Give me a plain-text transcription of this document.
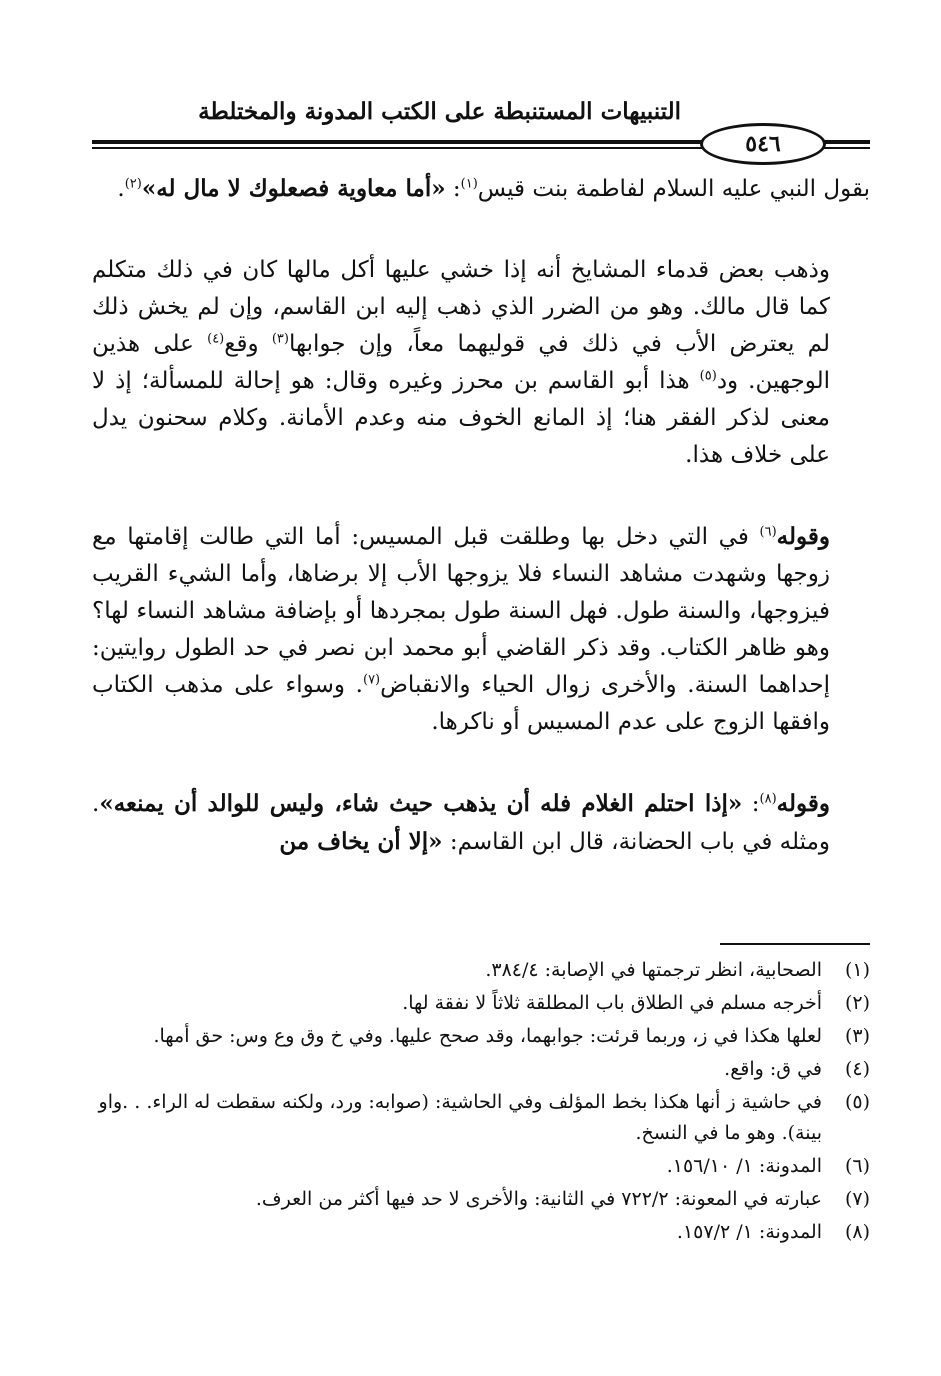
التنبيهات المستنبطة على الكتب المدونة والمختلطة
٥٤٦

بقول النبي عليه السلام لفاطمة بنت قيس$^{(١)}$: «أما معاوية فصعلوك لا مال له»$^{(٢)}$.

وذهب بعض قدماء المشايخ أنه إذا خشي عليها أكل مالها كان في ذلك متكلم كما قال مالك. وهو من الضرر الذي ذهب إليه ابن القاسم، وإن لم يخش ذلك لم يعترض الأب في ذلك في قوليهما معاً، وإن جوابها$^{(٣)}$ وقع$^{(٤)}$ على هذين الوجهين. ود$^{(٥)}$ هذا أبو القاسم بن محرز وغيره وقال: هو إحالة للمسألة؛ إذ لا معنى لذكر الفقر هنا؛ إذ المانع الخوف منه وعدم الأمانة. وكلام سحنون يدل على خلاف هذا.

وقوله$^{(٦)}$ في التي دخل بها وطلقت قبل المسيس: أما التي طالت إقامتها مع زوجها وشهدت مشاهد النساء فلا يزوجها الأب إلا برضاها، وأما الشيء القريب فيزوجها، والسنة طول. فهل السنة طول بمجردها أو بإضافة مشاهد النساء لها؟ وهو ظاهر الكتاب. وقد ذكر القاضي أبو محمد ابن نصر في حد الطول روايتين: إحداهما السنة. والأخرى زوال الحياء والانقباض$^{(٧)}$. وسواء على مذهب الكتاب وافقها الزوج على عدم المسيس أو ناكرها.

وقوله$^{(٨)}$: «إذا احتلم الغلام فله أن يذهب حيث شاء، وليس للوالد أن يمنعه». ومثله في باب الحضانة، قال ابن القاسم: «إلا أن يخاف من

(١)
الصحابية، انظر ترجمتها في الإصابة: ٣٨٤/٤.
(٢)
أخرجه مسلم في الطلاق باب المطلقة ثلاثاً لا نفقة لها.
(٣)
لعلها هكذا في ز، وربما قرئت: جوابهما، وقد صحح عليها. وفي خ وق وع وس: حق أمها.
(٤)
في ق: واقع.
(٥)
في حاشية ز أنها هكذا بخط المؤلف وفي الحاشية: (صوابه: ورد، ولكنه سقطت له الراء. . .واو بينة). وهو ما في النسخ.
(٦)
المدونة: ١/ ١٥٦/١٠.
(٧)
عبارته في المعونة: ٧٢٢/٢ في الثانية: والأخرى لا حد فيها أكثر من العرف.
(٨)
المدونة: ١/ ١٥٧/٢.
